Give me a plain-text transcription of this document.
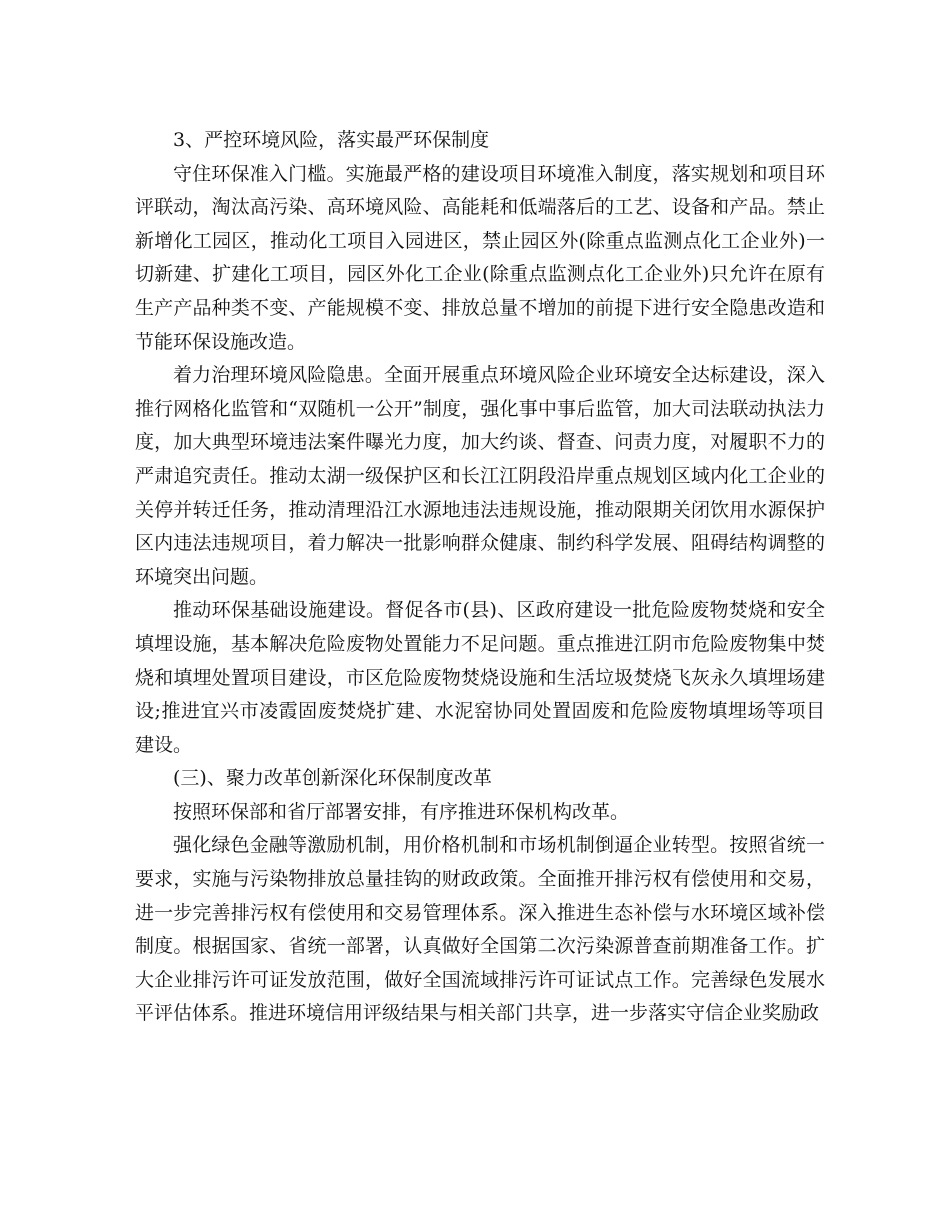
3、严控环境风险，落实最严环保制度

守住环保准入门槛。实施最严格的建设项目环境准入制度，落实规划和项目环评联动，淘汰高污染、高环境风险、高能耗和低端落后的工艺、设备和产品。禁止新增化工园区，推动化工项目入园进区，禁止园区外(除重点监测点化工企业外)一切新建、扩建化工项目，园区外化工企业(除重点监测点化工企业外)只允许在原有生产产品种类不变、产能规模不变、排放总量不增加的前提下进行安全隐患改造和节能环保设施改造。

着力治理环境风险隐患。全面开展重点环境风险企业环境安全达标建设，深入推行网格化监管和“双随机一公开”制度，强化事中事后监管，加大司法联动执法力度，加大典型环境违法案件曝光力度，加大约谈、督查、问责力度，对履职不力的严肃追究责任。推动太湖一级保护区和长江江阴段沿岸重点规划区域内化工企业的关停并转迁任务，推动清理沿江水源地违法违规设施，推动限期关闭饮用水源保护区内违法违规项目，着力解决一批影响群众健康、制约科学发展、阻碍结构调整的环境突出问题。

推动环保基础设施建设。督促各市(县)、区政府建设一批危险废物焚烧和安全填埋设施，基本解决危险废物处置能力不足问题。重点推进江阴市危险废物集中焚烧和填埋处置项目建设，市区危险废物焚烧设施和生活垃圾焚烧飞灰永久填埋场建设;推进宜兴市凌霞固废焚烧扩建、水泥窑协同处置固废和危险废物填埋场等项目建设。

(三)、聚力改革创新深化环保制度改革

按照环保部和省厅部署安排，有序推进环保机构改革。

强化绿色金融等激励机制，用价格机制和市场机制倒逼企业转型。按照省统一要求，实施与污染物排放总量挂钩的财政政策。全面推开排污权有偿使用和交易，进一步完善排污权有偿使用和交易管理体系。深入推进生态补偿与水环境区域补偿制度。根据国家、省统一部署，认真做好全国第二次污染源普查前期准备工作。扩大企业排污许可证发放范围，做好全国流域排污许可证试点工作。完善绿色发展水平评估体系。推进环境信用评级结果与相关部门共享，进一步落实守信企业奖励政
